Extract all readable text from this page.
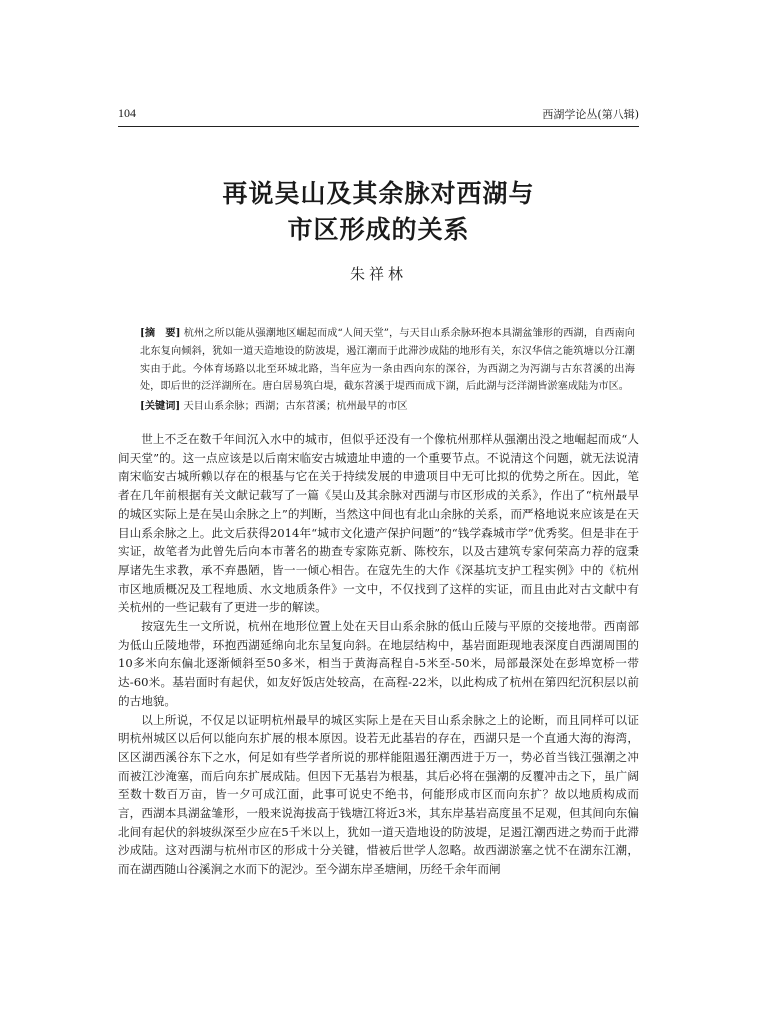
104	西湖学论丛(第八辑)
再说吴山及其余脉对西湖与
市区形成的关系
朱祥林
[摘　要] 杭州之所以能从强潮地区崛起而成“人间天堂”，与天目山系余脉环抱本具湖盆雏形的西湖，自西南向北东复向倾斜，犹如一道天造地设的防波堤，遏江潮而于此滞沙成陆的地形有关，东汉华信之能筑塘以分江潮实由于此。今体育场路以北至环城北路，当年应为一条由西向东的深谷，为西湖之为泻湖与古东苕溪的出海处，即后世的泛洋湖所在。唐白居易筑白堤，截东苕溪于堤西而成下湖，后此湖与泛洋湖皆淤塞成陆为市区。
[关键词] 天目山系余脉；西湖；古东苕溪；杭州最早的市区

世上不乏在数千年间沉入水中的城市，但似乎还没有一个像杭州那样从强潮出没之地崛起而成“人间天堂”的。这一点应该是以后南宋临安古城遗址申遗的一个重要节点。不说清这个问题，就无法说清南宋临安古城所赖以存在的根基与它在关于持续发展的申遗项目中无可比拟的优势之所在。因此，笔者在几年前根据有关文献记载写了一篇《吴山及其余脉对西湖与市区形成的关系》，作出了“杭州最早的城区实际上是在吴山余脉之上”的判断，当然这中间也有北山余脉的关系，而严格地说来应该是在天目山系余脉之上。此文后获得2014年“城市文化遗产保护问题”的“钱学森城市学”优秀奖。但是非在于实证，故笔者为此曾先后向本市著名的勘查专家陈克新、陈校东，以及古建筑专家何荣高力荐的寇秉厚诸先生求教，承不弃愚陋，皆一一倾心相告。在寇先生的大作《深基坑支护工程实例》中的《杭州市区地质概况及工程地质、水文地质条件》一文中，不仅找到了这样的实证，而且由此对古文献中有关杭州的一些记载有了更进一步的解读。

按寇先生一文所说，杭州在地形位置上处在天目山系余脉的低山丘陵与平原的交接地带。西南部为低山丘陵地带，环抱西湖延绵向北东呈复向斜。在地层结构中，基岩面距现地表深度自西湖周围的10多米向东偏北逐渐倾斜至50多米，相当于黄海高程自-5米至-50米，局部最深处在彭埠宽桥一带达-60米。基岩面时有起伏，如友好饭店处较高，在高程-22米，以此构成了杭州在第四纪沉积层以前的古地貌。

以上所说，不仅足以证明杭州最早的城区实际上是在天目山系余脉之上的论断，而且同样可以证明杭州城区以后何以能向东扩展的根本原因。设若无此基岩的存在，西湖只是一个直通大海的海湾，区区湖西溪谷东下之水，何足如有些学者所说的那样能阻遏狂潮西进于万一，势必首当钱江强潮之冲而被江沙淹塞，而后向东扩展成陆。但因下无基岩为根基，其后必将在强潮的反覆冲击之下，虽广阔至数十数百万亩，皆一夕可成江面，此事可说史不绝书，何能形成市区而向东扩？故以地质构成而言，西湖本具湖盆雏形，一般来说海拔高于钱塘江将近3米，其东岸基岩高度虽不足观，但其间向东偏北间有起伏的斜坡纵深至少应在5千米以上，犹如一道天造地设的防波堤，足遏江潮西进之势而于此滞沙成陆。这对西湖与杭州市区的形成十分关键，惜被后世学人忽略。故西湖淤塞之忧不在湖东江潮，而在湖西随山谷溪涧之水而下的泥沙。至今湖东岸圣塘闸，历经千余年而闸
